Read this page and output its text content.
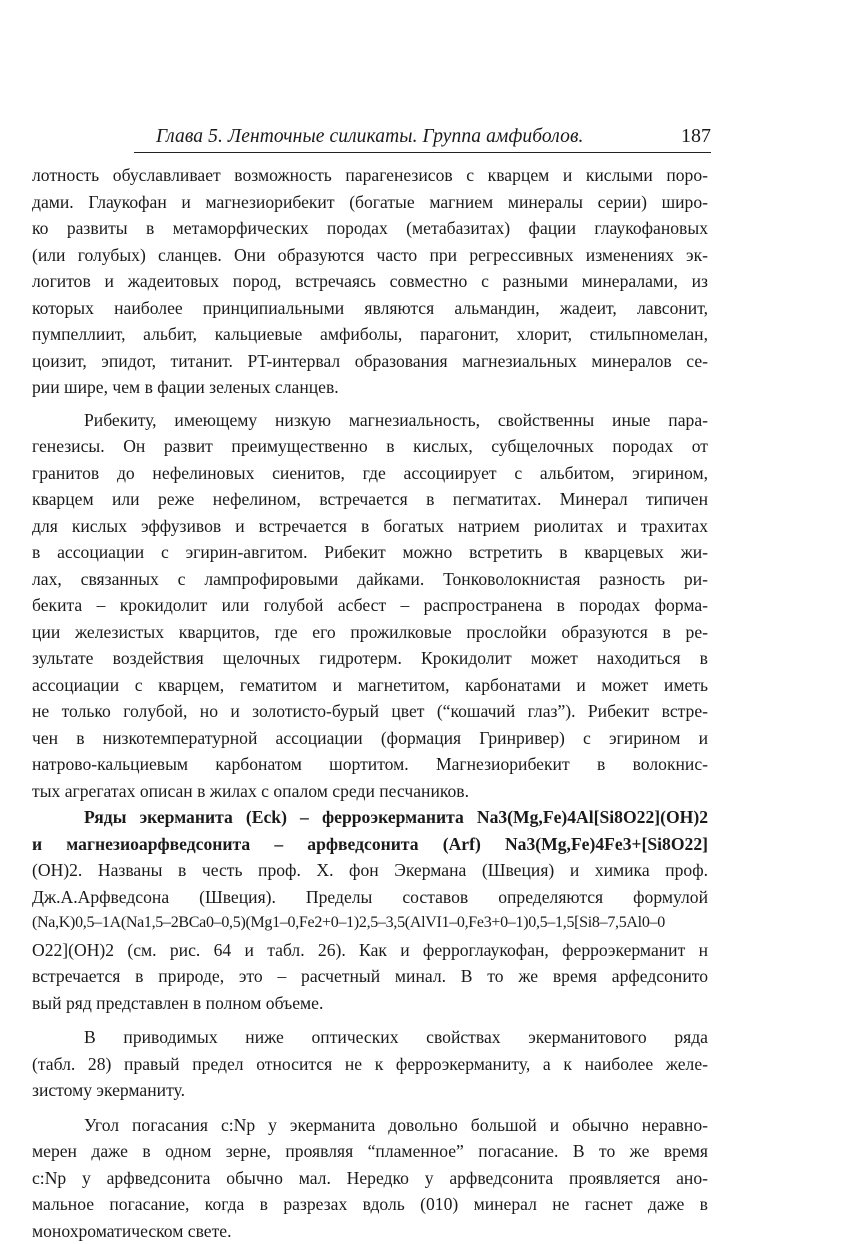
Глава 5. Ленточные силикаты. Группа амфиболов.	187
лотность обуславливает возможность парагенезисов с кварцем и кислыми поро-
дами. Глаукофан и магнезиорибекит (богатые магнием минералы серии) широ-
ко развиты в метаморфических породах (метабазитах) фации глаукофановых
(или голубых) сланцев. Они образуются часто при регрессивных изменениях эк-
логитов и жадеитовых пород, встречаясь совместно с разными минералами, из
которых наиболее принципиальными являются альмандин, жадеит, лавсонит,
пумпеллиит, альбит, кальциевые амфиболы, парагонит, хлорит, стильпномелан,
цоизит, эпидот, титанит. PT-интервал образования магнезиальных минералов се-
рии шире, чем в фации зеленых сланцев.
Рибекиту, имеющему низкую магнезиальность, свойственны иные пара-
генезисы. Он развит преимущественно в кислых, субщелочных породах от
гранитов до нефелиновых сиенитов, где ассоциирует с альбитом, эгирином,
кварцем или реже нефелином, встречается в пегматитах. Минерал типичен
для кислых эффузивов и встречается в богатых натрием риолитах и трахитах
в ассоциации с эгирин-авгитом. Рибекит можно встретить в кварцевых жи-
лах, связанных с лампрофировыми дайками. Тонковолокнистая разность ри-
бекита – крокидолит или голубой асбест – распространена в породах форма-
ции железистых кварцитов, где его прожилковые прослойки образуются в ре-
зультате воздействия щелочных гидротерм. Крокидолит может находиться в
ассоциации с кварцем, гематитом и магнетитом, карбонатами и может иметь
не только голубой, но и золотисто-бурый цвет (“кошачий глаз”). Рибекит встре-
чен в низкотемпературной ассоциации (формация Гринривер) с эгирином и
натрово-кальциевым карбонатом шортитом. Магнезиорибекит в волокнис-
тых агрегатах описан в жилах с опалом среди песчаников.
Ряды экерманита (Eck) – ферроэкерманита Na3(Mg,Fe)4Al[Si8O22](OH)2
и магнезиоарфведсонита – арфведсонита (Arf) Na3(Mg,Fe)4Fe3+[Si8O22]
(OH)2. Названы в честь проф. Х. фон Экермана (Швеция) и химика проф.
Дж.А.Арфведсона (Швеция). Пределы составов определяются формулой
(Na,K)0,5–1A(Na1,5–2BCa0–0,5)(Mg1–0,Fe2+0–1)2,5–3,5(AlVI1–0,Fe3+0–1)0,5–1,5[Si8–7,5Al0–0
O22](OH)2 (см. рис. 64 и табл. 26). Как и ферроглаукофан, ферроэкерманит н
встречается в природе, это – расчетный минал. В то же время арфедсонито
вый ряд представлен в полном объеме.
В приводимых ниже оптических свойствах экерманитового ряда
(табл. 28) правый предел относится не к ферроэкерманиту, а к наиболее желе-
зистому экерманиту.
Угол погасания c:Np у экерманита довольно большой и обычно неравно-
мерен даже в одном зерне, проявляя “пламенное” погасание. В то же время
c:Np у арфведсонита обычно мал. Нередко у арфведсонита проявляется ано-
мальное погасание, когда в разрезах вдоль (010) минерал не гаснет даже в
монохроматическом свете.
